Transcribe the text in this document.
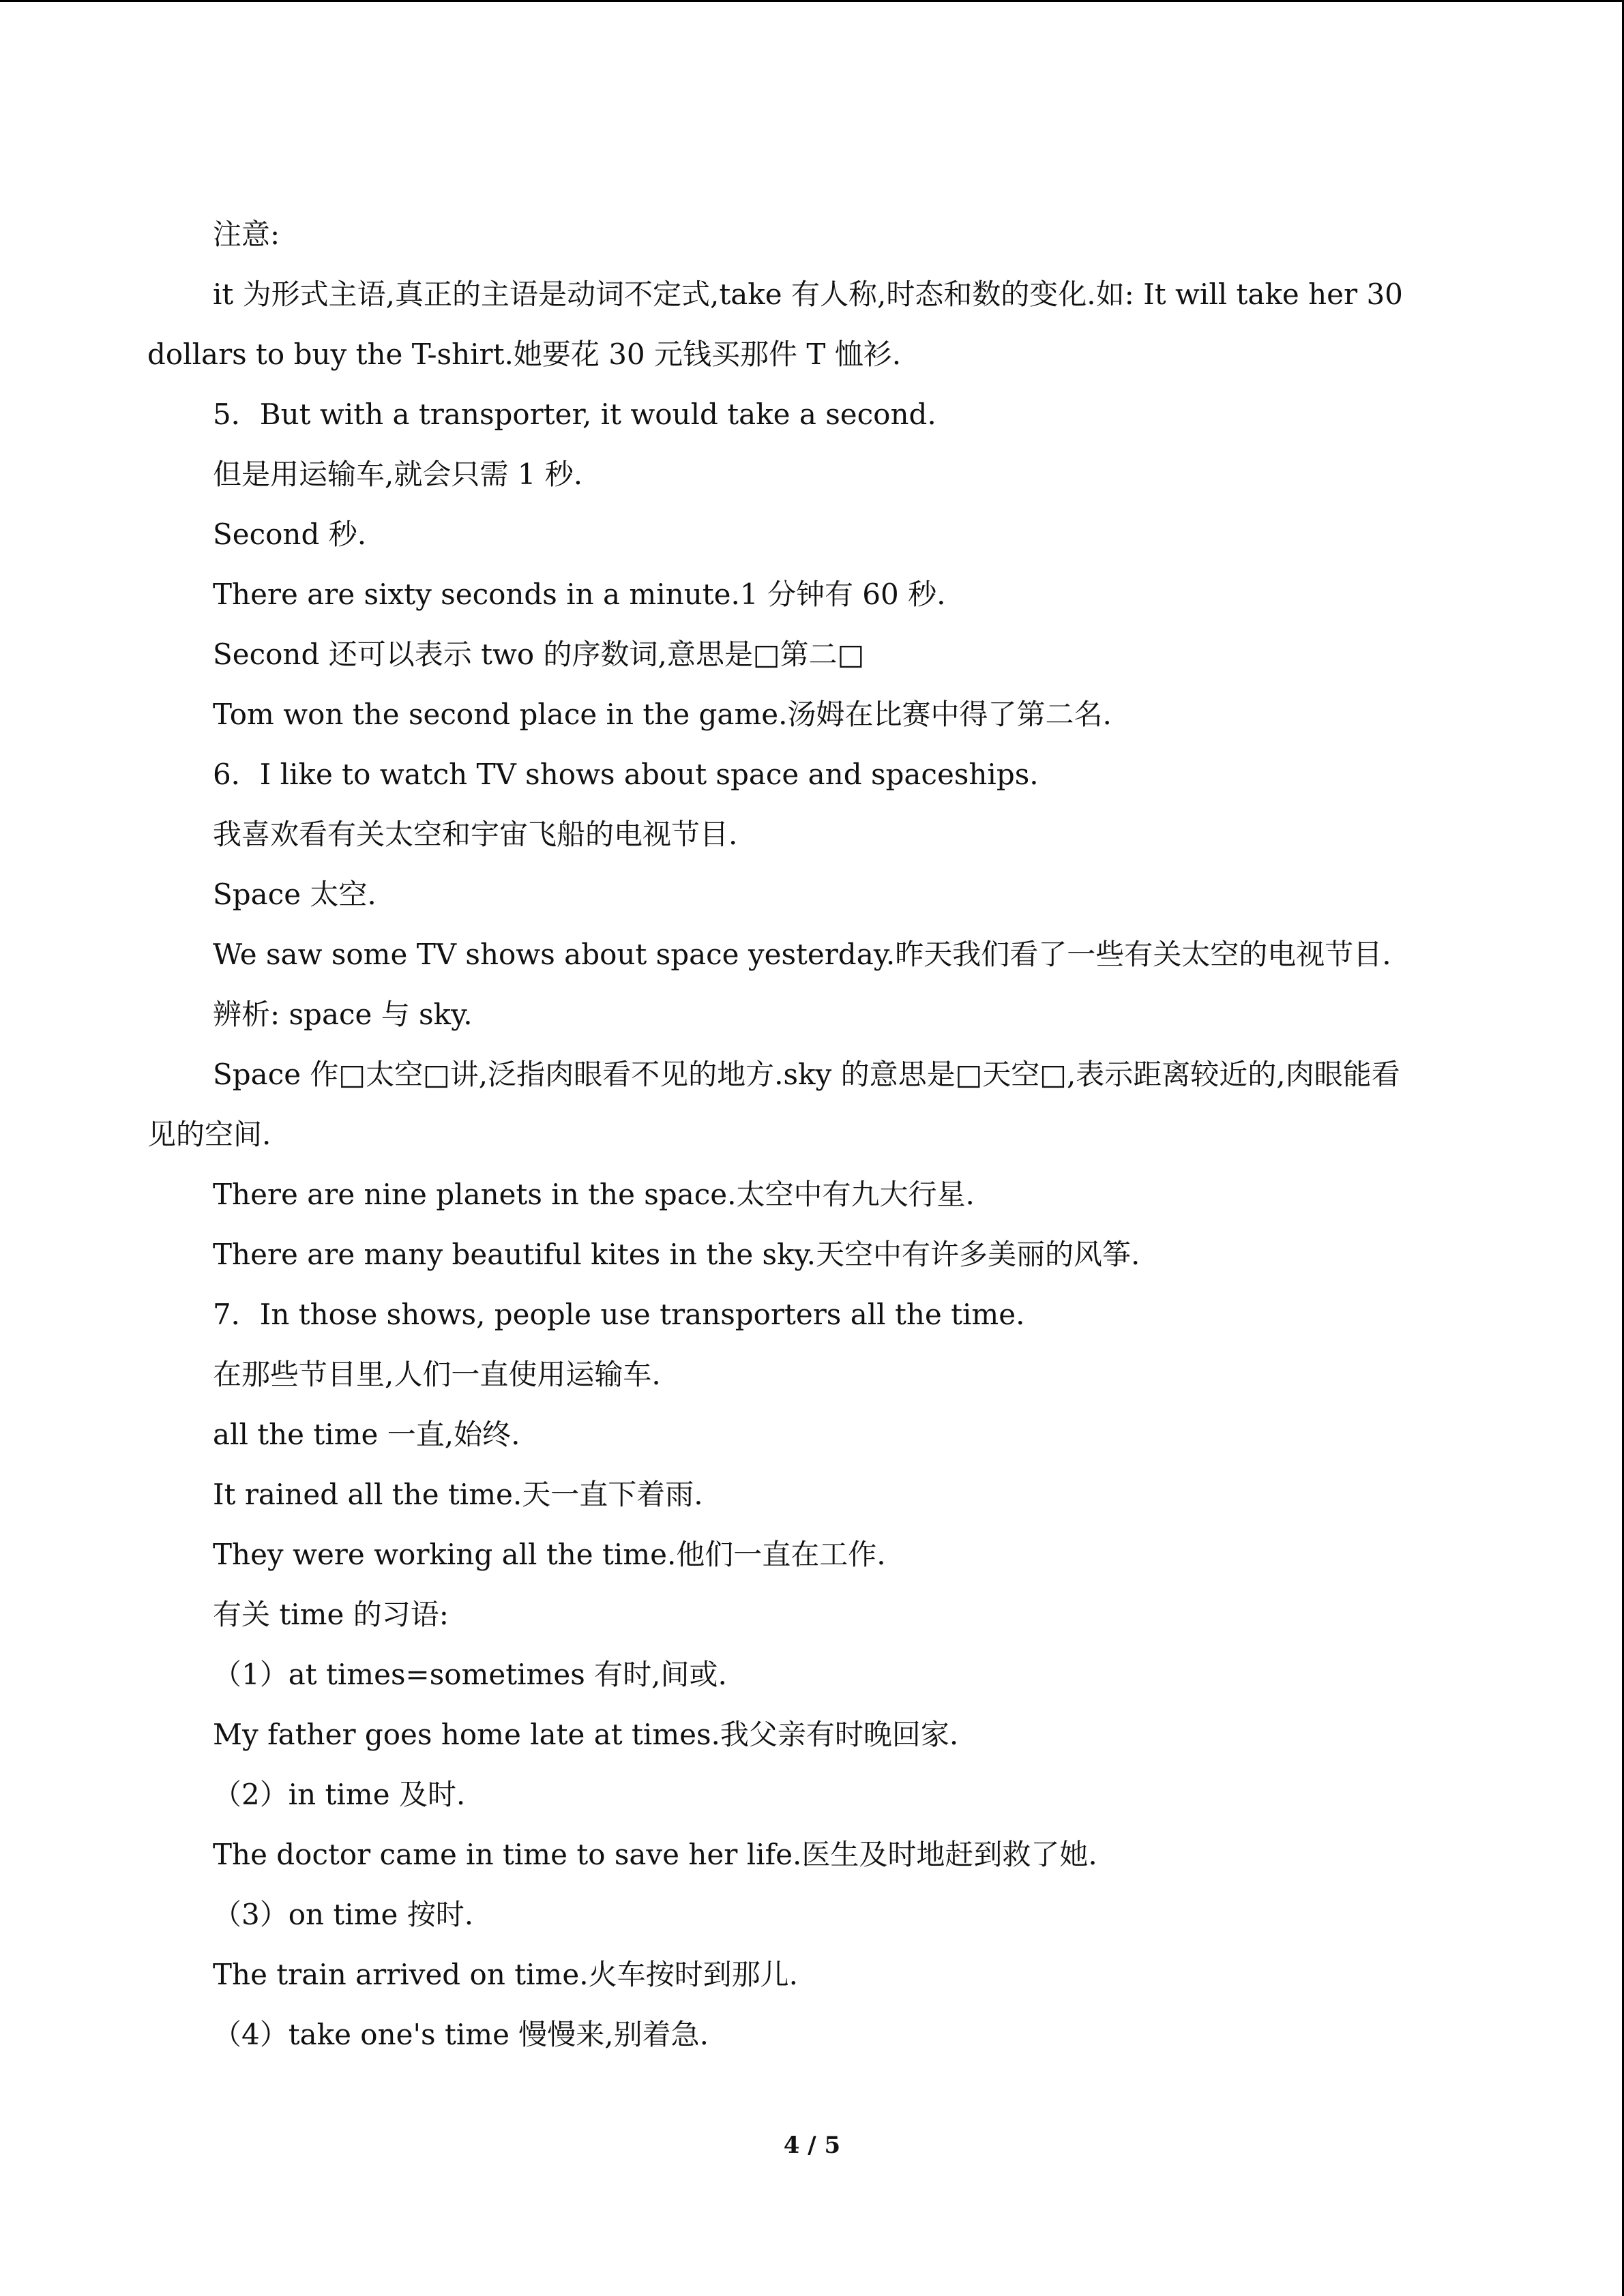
注意:
it 为形式主语,真正的主语是动词不定式,take 有人称,时态和数的变化.如: It will take her 30
dollars to buy the T-shirt.她要花 30 元钱买那件 T 恤衫.
5．But with a transporter, it would take a second.
但是用运输车,就会只需 1 秒.
Second 秒.
There are sixty seconds in a minute.1 分钟有 60 秒.
Second 还可以表示 two 的序数词,意思是□第二□
Tom won the second place in the game.汤姆在比赛中得了第二名.
6．I like to watch TV shows about space and spaceships.
我喜欢看有关太空和宇宙飞船的电视节目.
Space 太空.
We saw some TV shows about space yesterday.昨天我们看了一些有关太空的电视节目.
辨析: space 与 sky.
Space 作□太空□讲,泛指肉眼看不见的地方.sky 的意思是□天空□,表示距离较近的,肉眼能看
见的空间.
There are nine planets in the space.太空中有九大行星.
There are many beautiful kites in the sky.天空中有许多美丽的风筝.
7．In those shows, people use transporters all the time.
在那些节目里,人们一直使用运输车.
all the time 一直,始终.
It rained all the time.天一直下着雨.
They were working all the time.他们一直在工作.
有关 time 的习语:
（1）at times=sometimes 有时,间或.
My father goes home late at times.我父亲有时晚回家.
（2）in time 及时.
The doctor came in time to save her life.医生及时地赶到救了她.
（3）on time 按时.
The train arrived on time.火车按时到那儿.
（4）take one's time 慢慢来,别着急.
4 / 5
